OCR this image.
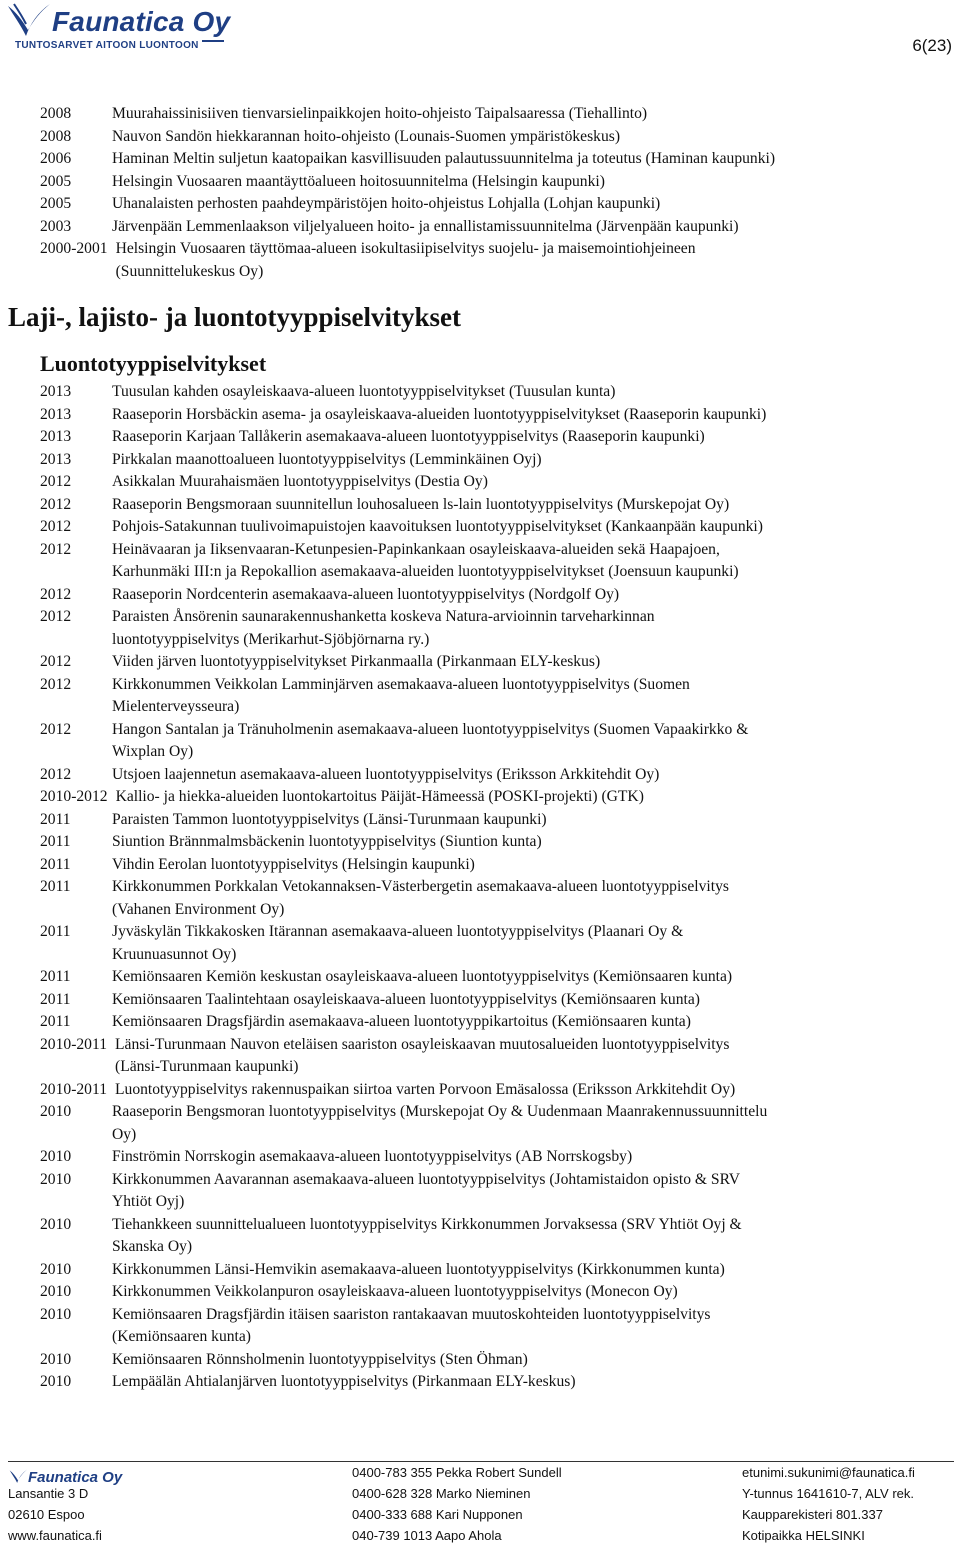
Faunatica Oy
TUNTOSARVET AITOON LUONTOON	6(23)
2008	Muurahaissinisiiven tienvarsielinpaikkojen hoito-ohjeisto Taipalsaaressa (Tiehallinto)
2008	Nauvon Sandön hiekkarannan hoito-ohjeisto (Lounais-Suomen ympäristökeskus)
2006	Haminan Meltin suljetun kaatopaikan kasvillisuuden palautussuunnitelma ja toteutus (Haminan kaupunki)
2005	Helsingin Vuosaaren maantäyttöalueen hoitosuunnitelma (Helsingin kaupunki)
2005	Uhanalaisten perhosten paahdeympäristöjen hoito-ohjeistus Lohjalla (Lohjan kaupunki)
2003	Järvenpään Lemmenlaakson viljelyalueen hoito- ja ennallistamissuunnitelma (Järvenpään kaupunki)
2000-2001 Helsingin Vuosaaren täyttömaa-alueen isokultasiipiselvitys suojelu- ja maisemointiohjeineen
(Suunnittelukeskus Oy)
Laji-, lajisto- ja luontotyyppiselvitykset
Luontotyyppiselvitykset
2013	Tuusulan kahden osayleiskaava-alueen luontotyyppiselvitykset (Tuusulan kunta)
2013	Raaseporin Horsbäckin asema- ja osayleiskaava-alueiden luontotyyppiselvitykset (Raaseporin kaupunki)
2013	Raaseporin Karjaan Tallåkerin asemakaava-alueen luontotyyppiselvitys (Raaseporin kaupunki)
2013	Pirkkalan maanottoalueen luontotyyppiselvitys (Lemminkäinen Oyj)
2012	Asikkalan Muurahaismäen luontotyyppiselvitys (Destia Oy)
2012	Raaseporin Bengsmoraan suunnitellun louhosalueen ls-lain luontotyyppiselvitys (Murskepojat Oy)
2012	Pohjois-Satakunnan tuulivoimapuistojen kaavoituksen luontotyyppiselvitykset (Kankaanpään kaupunki)
2012	Heinävaaran ja Iiksenvaaran-Ketunpesien-Papinkankaan osayleiskaava-alueiden sekä Haapajoen,
Karhunmäki III:n ja Repokallion asemakaava-alueiden luontotyyppiselvitykset (Joensuun kaupunki)
2012	Raaseporin Nordcenterin asemakaava-alueen luontotyyppiselvitys (Nordgolf Oy)
2012	Paraisten Ånsörenin saunarakennushanketta koskeva Natura-arvioinnin tarveharkinnan
luontotyyppiselvitys (Merikarhut-Sjöbjörnarna ry.)
2012	Viiden järven luontotyyppiselvitykset Pirkanmaalla (Pirkanmaan ELY-keskus)
2012	Kirkkonummen Veikkolan Lamminjärven asemakaava-alueen luontotyyppiselvitys (Suomen
Mielenterveysseura)
2012	Hangon Santalan ja Tränuholmenin asemakaava-alueen luontotyyppiselvitys (Suomen Vapaakirkko &
Wixplan Oy)
2012	Utsjoen laajennetun asemakaava-alueen luontotyyppiselvitys (Eriksson Arkkitehdit Oy)
2010-2012 Kallio- ja hiekka-alueiden luontokartoitus Päijät-Hämeessä (POSKI-projekti) (GTK)
2011	Paraisten Tammon luontotyyppiselvitys (Länsi-Turunmaan kaupunki)
2011	Siuntion Brännmalmsbäckenin luontotyyppiselvitys (Siuntion kunta)
2011	Vihdin Eerolan luontotyyppiselvitys (Helsingin kaupunki)
2011	Kirkkonummen Porkkalan Vetokannaksen-Västerbergetin asemakaava-alueen luontotyyppiselvitys
(Vahanen Environment Oy)
2011	Jyväskylän Tikkakosken Itärannan asemakaava-alueen luontotyyppiselvitys (Plaanari Oy &
Kruunuasunnot Oy)
2011	Kemiönsaaren Kemiön keskustan osayleiskaava-alueen luontotyyppiselvitys (Kemiönsaaren kunta)
2011	Kemiönsaaren Taalintehtaan osayleiskaava-alueen luontotyyppiselvitys (Kemiönsaaren kunta)
2011	Kemiönsaaren Dragsfjärdin asemakaava-alueen luontotyyppikartoitus (Kemiönsaaren kunta)
2010-2011 Länsi-Turunmaan Nauvon eteläisen saariston osayleiskaavan muutosalueiden luontotyyppiselvitys
(Länsi-Turunmaan kaupunki)
2010-2011 Luontotyyppiselvitys rakennuspaikan siirtoa varten Porvoon Emäsalossa (Eriksson Arkkitehdit Oy)
2010	Raaseporin Bengsmoran luontotyyppiselvitys (Murskepojat Oy & Uudenmaan Maanrakennussuunnittelu
Oy)
2010	Finströmin Norrskogin asemakaava-alueen luontotyyppiselvitys (AB Norrskogsby)
2010	Kirkkonummen Aavarannan asemakaava-alueen luontotyyppiselvitys (Johtamistaidon opisto & SRV
Yhtiöt Oyj)
2010	Tiehankkeen suunnittelualueen luontotyyppiselvitys Kirkkonummen Jorvaksessa (SRV Yhtiöt Oyj &
Skanska Oy)
2010	Kirkkonummen Länsi-Hemvikin asemakaava-alueen luontotyyppiselvitys (Kirkkonummen kunta)
2010	Kirkkonummen Veikkolanpuron osayleiskaava-alueen luontotyyppiselvitys (Monecon Oy)
2010	Kemiönsaaren Dragsfjärdin itäisen saariston rantakaavan muutoskohteiden luontotyyppiselvitys
(Kemiönsaaren kunta)
2010	Kemiönsaaren Rönnsholmenin luontotyyppiselvitys (Sten Öhman)
2010	Lempäälän Ahtialanjärven luontotyyppiselvitys (Pirkanmaan ELY-keskus)
Faunatica Oy
Lansantie 3 D
02610 Espoo
www.faunatica.fi
0400-783 355 Pekka Robert Sundell
0400-628 328 Marko Nieminen
0400-333 688 Kari Nupponen
040-739 1013 Aapo Ahola
etunimi.sukunimi@faunatica.fi
Y-tunnus 1641610-7, ALV rek.
Kaupparekisteri 801.337
Kotipaikka HELSINKI
